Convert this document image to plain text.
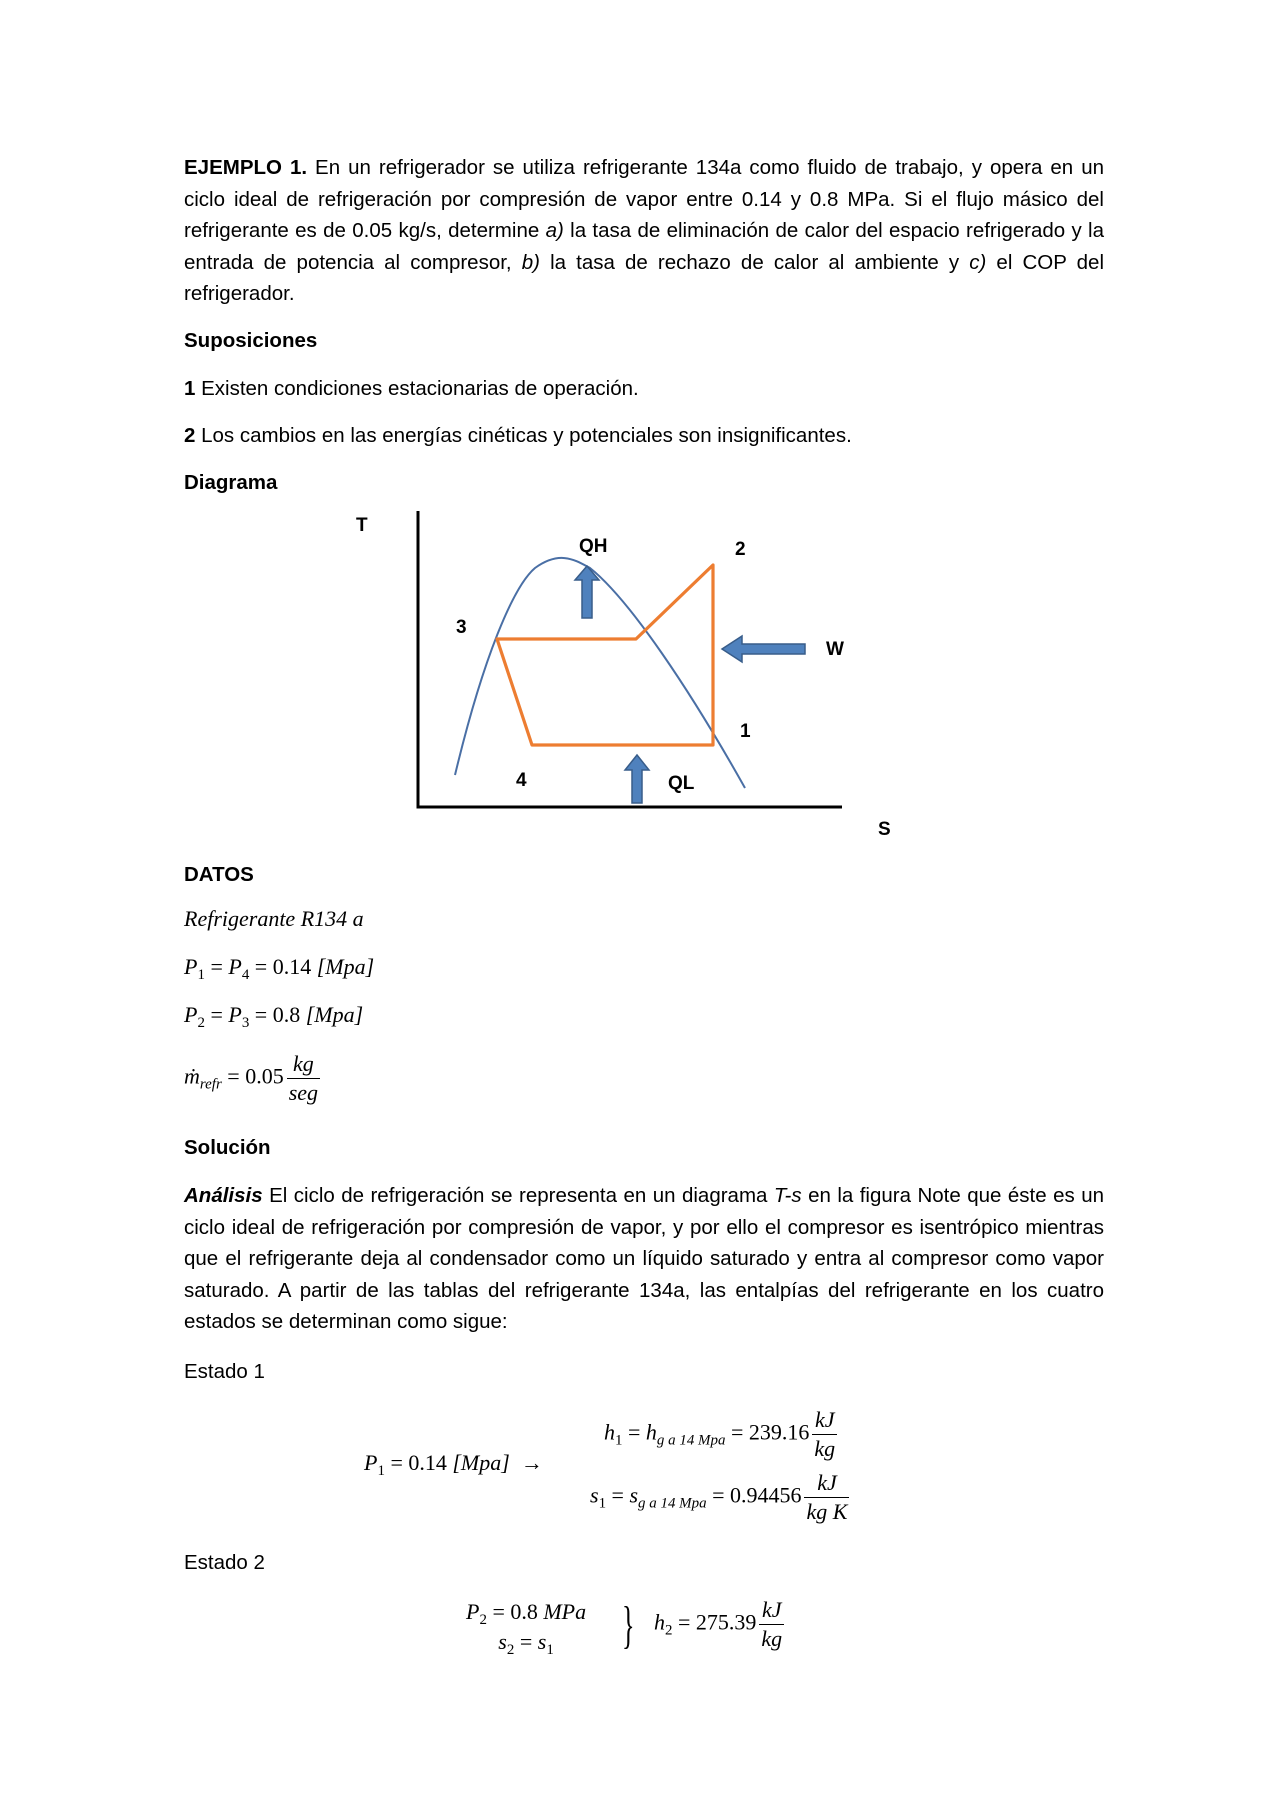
EJEMPLO 1. En un refrigerador se utiliza refrigerante 134a como fluido de trabajo, y opera en un ciclo ideal de refrigeración por compresión de vapor entre 0.14 y 0.8 MPa. Si el flujo másico del refrigerante es de 0.05 kg/s, determine a) la tasa de eliminación de calor del espacio refrigerado y la entrada de potencia al compresor, b) la tasa de rechazo de calor al ambiente y c) el COP del refrigerador.
Suposiciones
1 Existen condiciones estacionarias de operación.
2 Los cambios en las energías cinéticas y potenciales son insignificantes.
Diagrama
T
S
QH	2
3
W
1
4	QL
DATOS
Refrigerante R134 a
$P_1 = P_4 = 0.14$ [Mpa]
$P_2 = P_3 = 0.8$ [Mpa]
ṁ$_{refr}$ = $0.05 \frac{kg}{\text{seg}}$
Solución
Análisis El ciclo de refrigeración se representa en un diagrama T-s en la figura Note que éste es un ciclo ideal de refrigeración por compresión de vapor, y por ello el compresor es isentrópico mientras que el refrigerante deja al condensador como un líquido saturado y entra al compresor como vapor saturado. A partir de las tablas del refrigerante 134a, las entalpías del refrigerante en los cuatro estados se determinan como sigue:
Estado 1
$P_1 = 0.14$ [Mpa] →
$h_1 = h_{g a 14 Mpa} = 239.16 \frac{kJ}{kg}$
$s_1 = s_{g a 14 Mpa} = 0.94456 \frac{kJ}{\text{kg K}}$
Estado 2
$P_2 = 0.8$ MPa
$s_2 = s_1$	} $h_2 = 275.39 \frac{kJ}{kg}$
